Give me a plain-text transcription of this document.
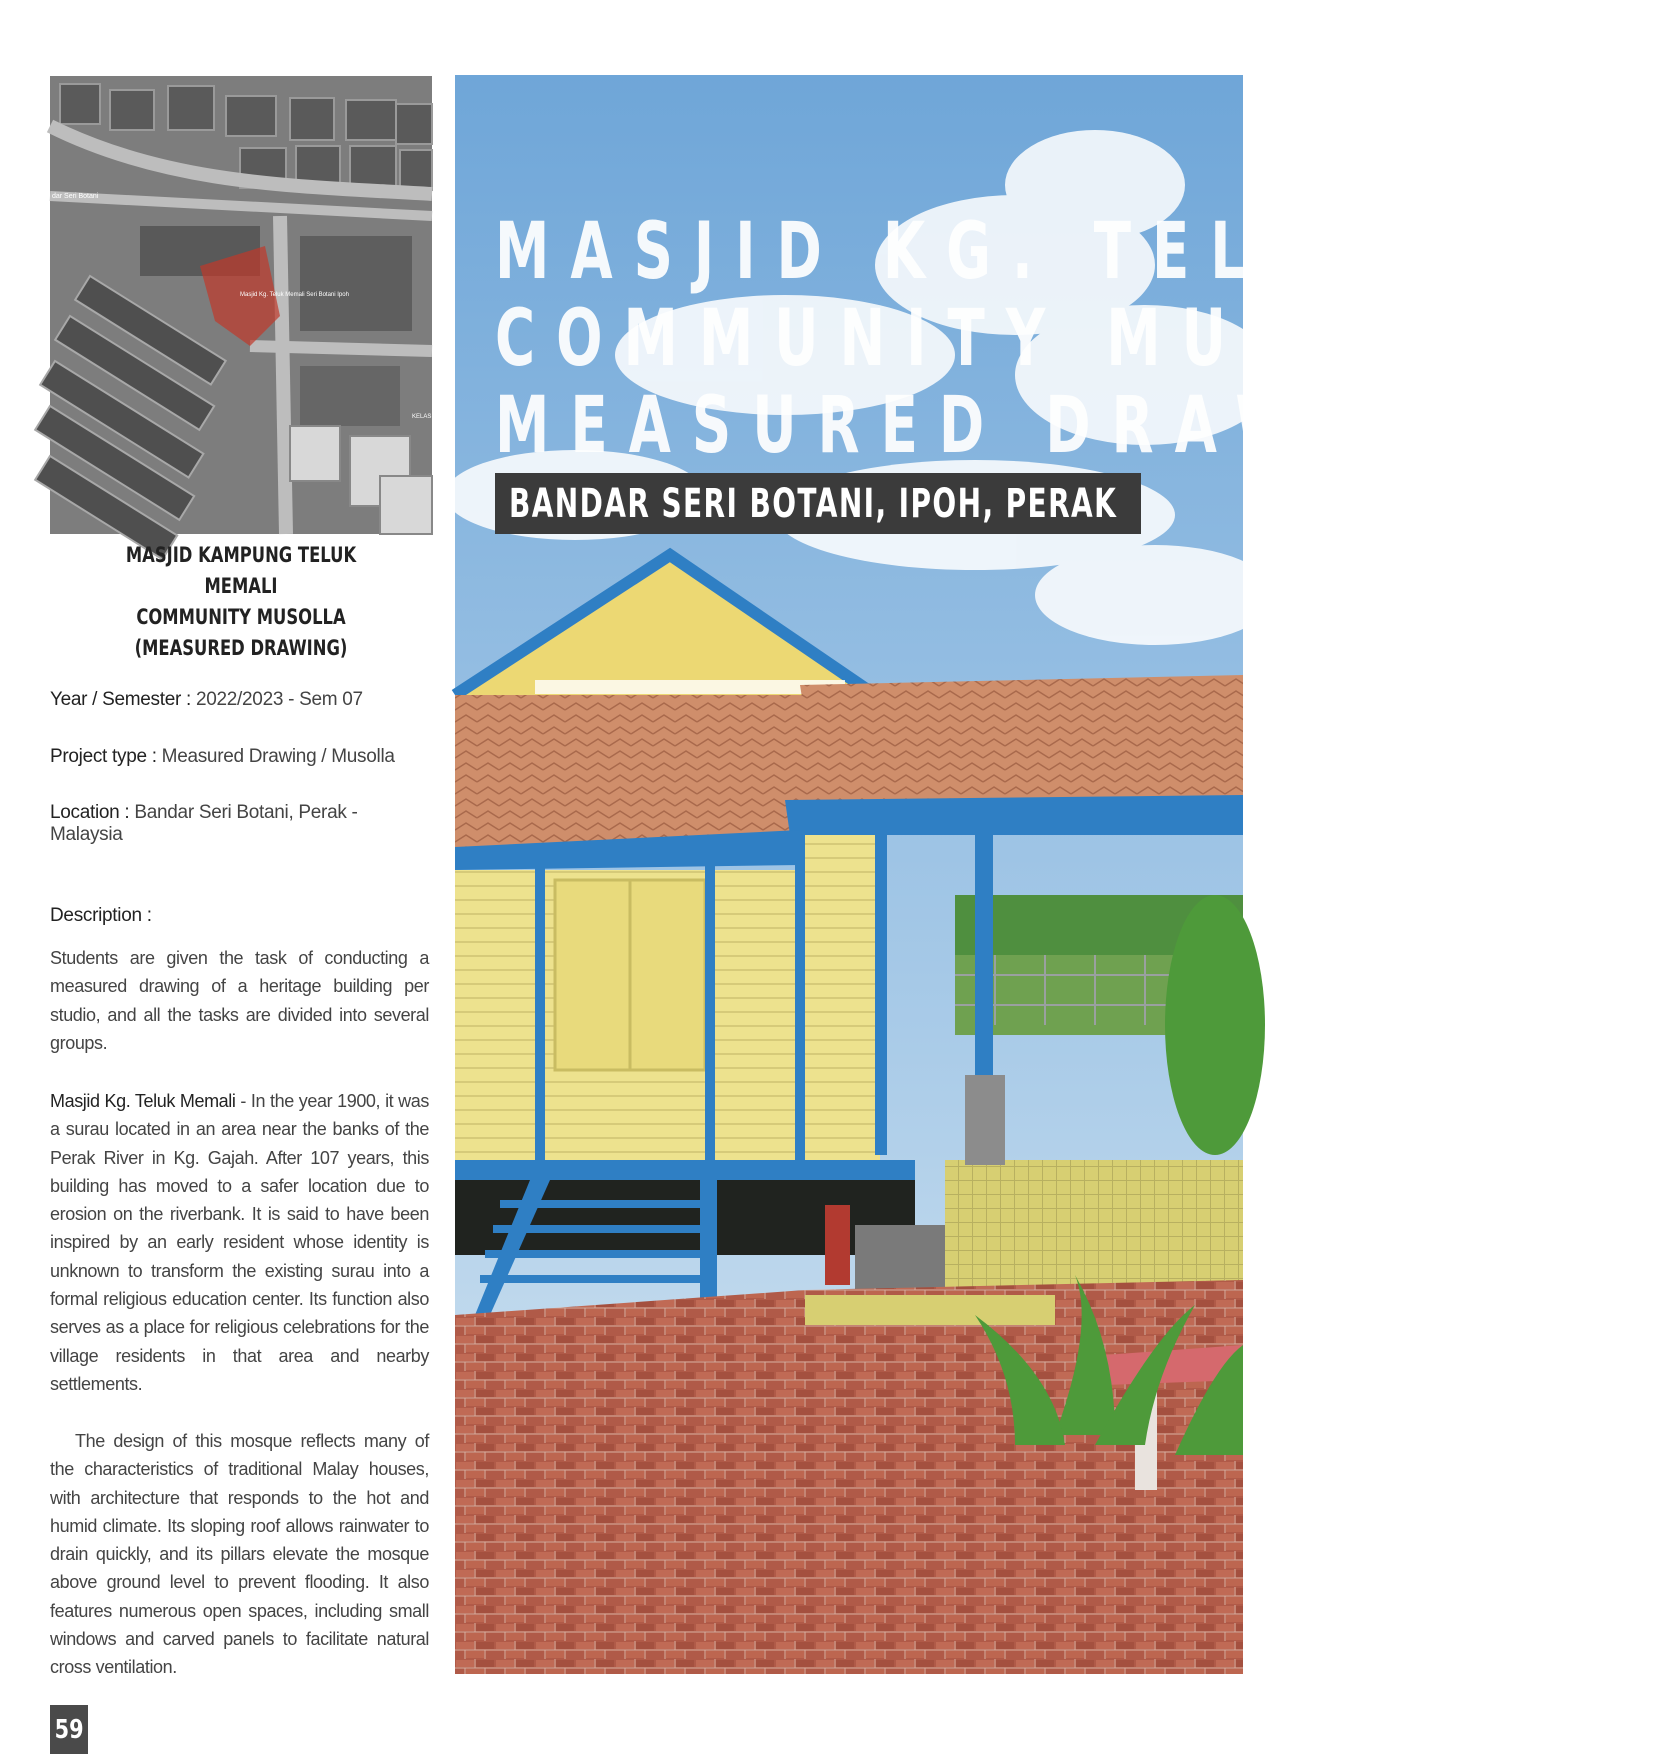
dar Seri Botani
Masjid Kg. Teluk Memali Seri Botani Ipoh
KELAS KUSA
MASJID KAMPUNG TELUK MEMALI
COMMUNITY MUSOLLA (MEASURED DRAWING)
Year / Semester : 2022/2023 - Sem 07
Project type : Measured Drawing / Musolla
Location : Bandar Seri Botani, Perak - Malaysia
Description :
Students are given the task of conducting a measured drawing of a heritage building per studio, and all the tasks are divided into several groups.
Masjid Kg. Teluk Memali - In the year 1900, it was a surau located in an area near the banks of the Perak River in Kg. Gajah. After 107 years, this building has moved to a safer location due to erosion on the riverbank. It is said to have been inspired by an early resident whose identity is unknown to transform the existing surau into a formal religious education center. Its function also serves as a place for religious celebrations for the village residents in that area and nearby settlements.
The design of this mosque reflects many of the characteristics of traditional Malay houses, with architecture that responds to the hot and humid climate. Its sloping roof allows rainwater to drain quickly, and its pillars elevate the mosque above ground level to prevent flooding. It also features numerous open spaces, including small windows and carved panels to facilitate natural cross ventilation.
59
MASJID KG. TEL
COMMUNITY MUS
MEASURED DRAW
BANDAR SERI BOTANI, IPOH, PERAK
